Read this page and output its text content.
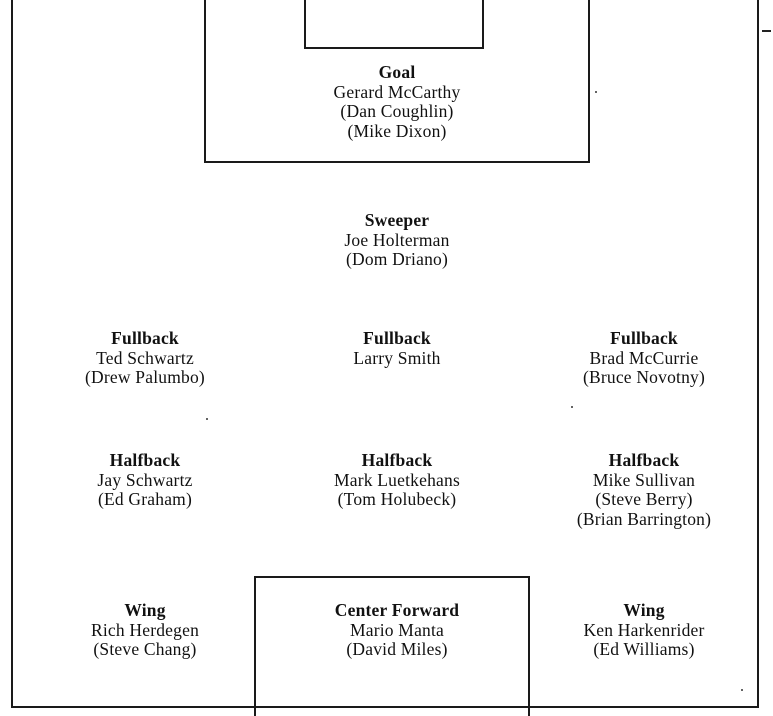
Goal
Gerard McCarthy
(Dan Coughlin)
(Mike Dixon)
Sweeper
Joe Holterman
(Dom Driano)
Fullback
Ted Schwartz
(Drew Palumbo)
Fullback
Larry Smith
Fullback
Brad McCurrie
(Bruce Novotny)
Halfback
Jay Schwartz
(Ed Graham)
Halfback
Mark Luetkehans
(Tom Holubeck)
Halfback
Mike Sullivan
(Steve Berry)
(Brian Barrington)
Wing
Rich Herdegen
(Steve Chang)
Center Forward
Mario Manta
(David Miles)
Wing
Ken Harkenrider
(Ed Williams)
